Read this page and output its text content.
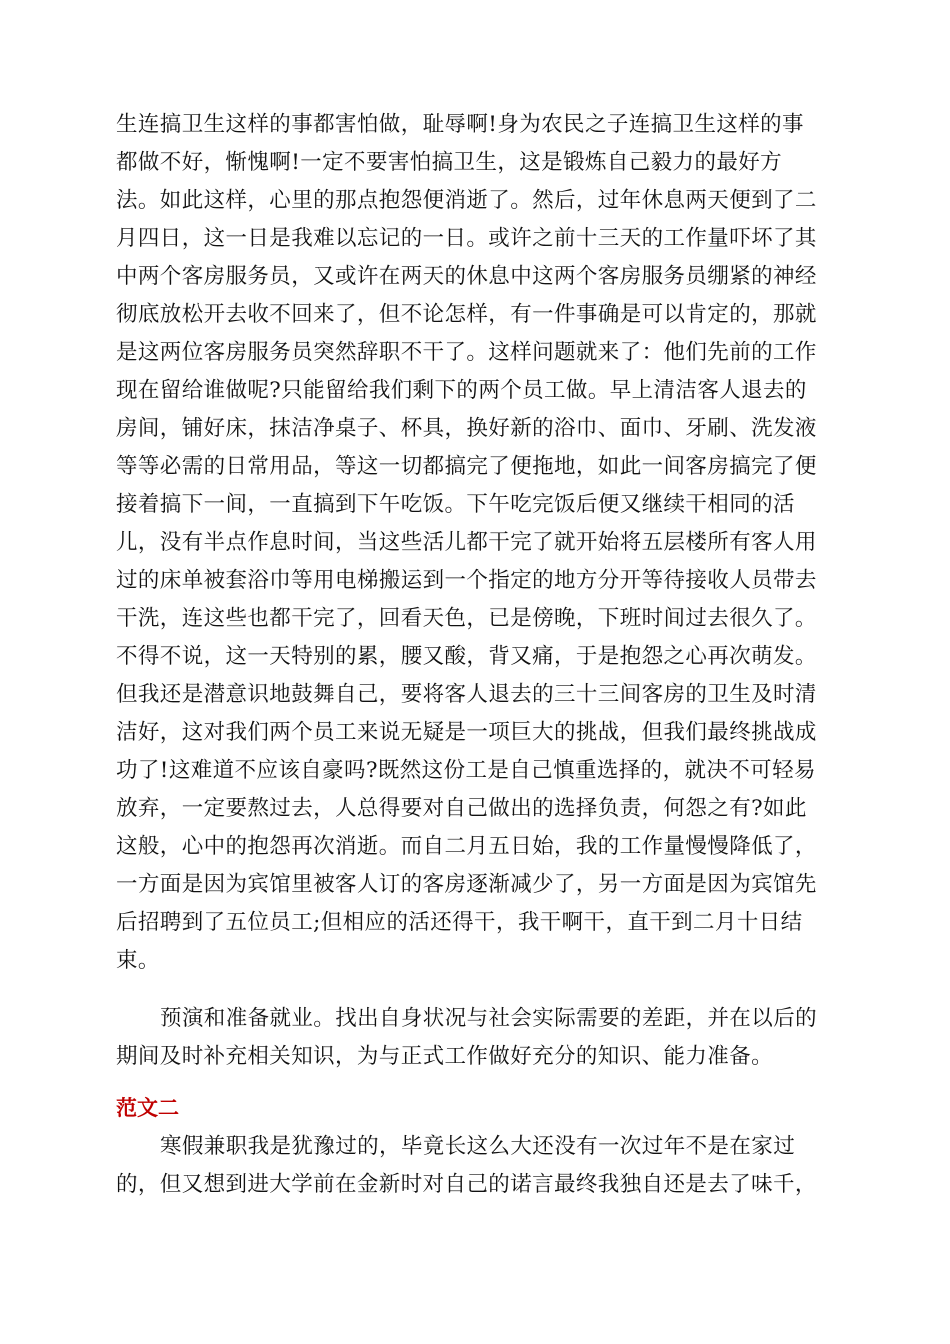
生连搞卫生这样的事都害怕做，耻辱啊!身为农民之子连搞卫生这样的事
都做不好，惭愧啊!一定不要害怕搞卫生，这是锻炼自己毅力的最好方
法。如此这样，心里的那点抱怨便消逝了。然后，过年休息两天便到了二
月四日，这一日是我难以忘记的一日。或许之前十三天的工作量吓坏了其
中两个客房服务员，又或许在两天的休息中这两个客房服务员绷紧的神经
彻底放松开去收不回来了，但不论怎样，有一件事确是可以肯定的，那就
是这两位客房服务员突然辞职不干了。这样问题就来了：他们先前的工作
现在留给谁做呢?只能留给我们剩下的两个员工做。早上清洁客人退去的
房间，铺好床，抹洁净桌子、杯具，换好新的浴巾、面巾、牙刷、洗发液
等等必需的日常用品，等这一切都搞完了便拖地，如此一间客房搞完了便
接着搞下一间，一直搞到下午吃饭。下午吃完饭后便又继续干相同的活
儿，没有半点作息时间，当这些活儿都干完了就开始将五层楼所有客人用
过的床单被套浴巾等用电梯搬运到一个指定的地方分开等待接收人员带去
干洗，连这些也都干完了，回看天色，已是傍晚，下班时间过去很久了。
不得不说，这一天特别的累，腰又酸，背又痛，于是抱怨之心再次萌发。
但我还是潜意识地鼓舞自己，要将客人退去的三十三间客房的卫生及时清
洁好，这对我们两个员工来说无疑是一项巨大的挑战，但我们最终挑战成
功了!这难道不应该自豪吗?既然这份工是自己慎重选择的，就决不可轻易
放弃，一定要熬过去，人总得要对自己做出的选择负责，何怨之有?如此
这般，心中的抱怨再次消逝。而自二月五日始，我的工作量慢慢降低了，
一方面是因为宾馆里被客人订的客房逐渐减少了，另一方面是因为宾馆先
后招聘到了五位员工;但相应的活还得干，我干啊干，直干到二月十日结
束。
预演和准备就业。找出自身状况与社会实际需要的差距，并在以后的
期间及时补充相关知识，为与正式工作做好充分的知识、能力准备。
范文二
寒假兼职我是犹豫过的，毕竟长这么大还没有一次过年不是在家过
的，但又想到进大学前在金新时对自己的诺言最终我独自还是去了味千，
